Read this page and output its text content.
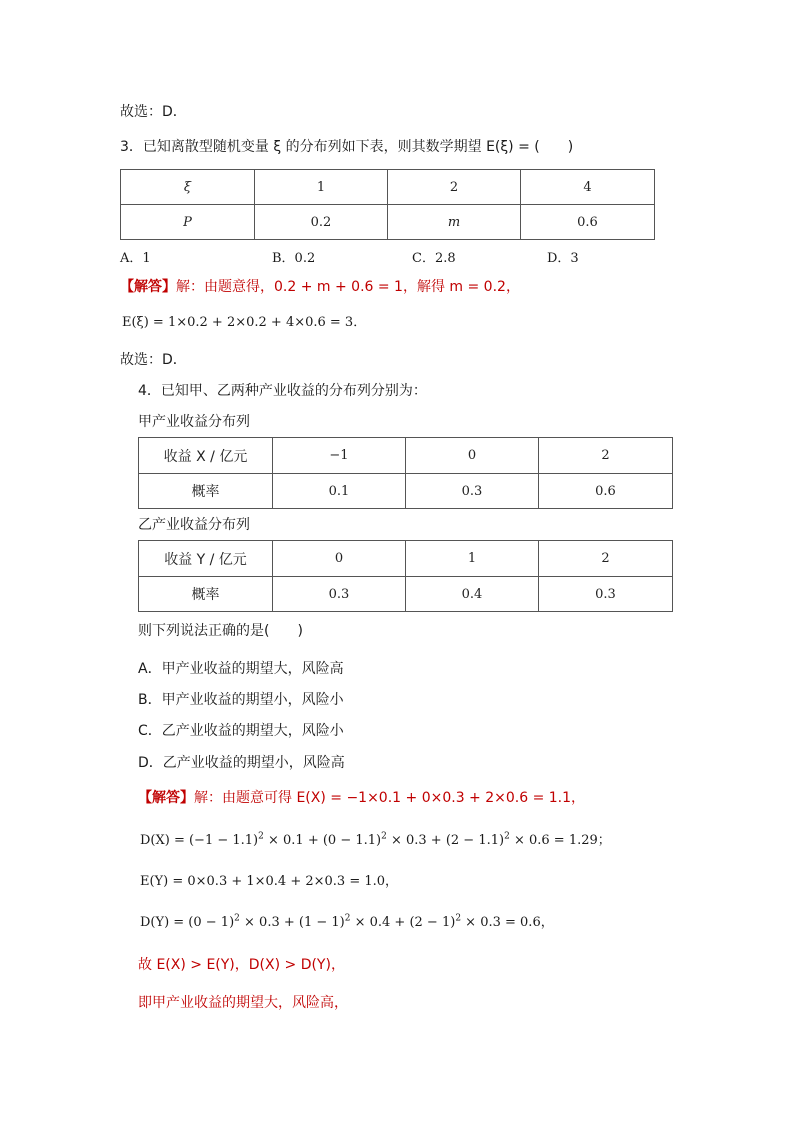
故选：D．
3．已知离散型随机变量 ξ 的分布列如下表，则其数学期望 E(ξ) = (　　)
ξ	1	2	4
P	0.2	m	0.6
A．1	B．0.2	C．2.8	D．3
【解答】解：由题意得，0.2 + m + 0.6 = 1，解得 m = 0.2，
E(ξ) = 1×0.2 + 2×0.2 + 4×0.6 = 3．
故选：D．
4．已知甲、乙两种产业收益的分布列分别为：
甲产业收益分布列
收益 X / 亿元	−1	0	2
概率	0.1	0.3	0.6
乙产业收益分布列
收益 Y / 亿元	0	1	2
概率	0.3	0.4	0.3
则下列说法正确的是(　　)
A．甲产业收益的期望大，风险高
B．甲产业收益的期望小，风险小
C．乙产业收益的期望大，风险小
D．乙产业收益的期望小，风险高
【解答】解：由题意可得 E(X) = −1×0.1 + 0×0.3 + 2×0.6 = 1.1，
$D(X) = (-1 - 1.1)^2 \times 0.1 + (0 - 1.1)^2 \times 0.3 + (2 - 1.1)^2 \times 0.6 = 1.29$；
E(Y) = 0×0.3 + 1×0.4 + 2×0.3 = 1.0，
$D(Y) = (0 - 1)^2 \times 0.3 + (1 - 1)^2 \times 0.4 + (2 - 1)^2 \times 0.3 = 0.6$，
故 E(X) > E(Y)，D(X) > D(Y)，
即甲产业收益的期望大，风险高，
